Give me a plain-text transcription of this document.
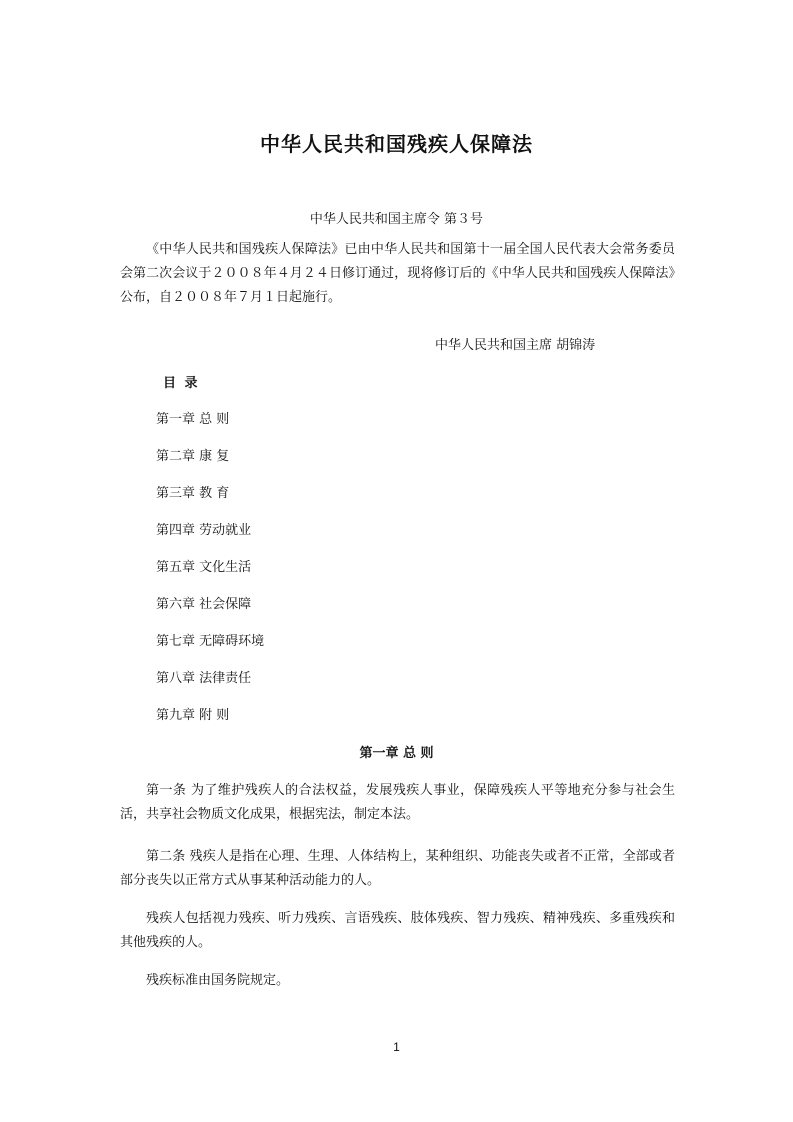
中华人民共和国残疾人保障法

中华人民共和国主席令 第３号

《中华人民共和国残疾人保障法》已由中华人民共和国第十一届全国人民代表大会常务委员会第二次会议于２００８年４月２４日修订通过，现将修订后的《中华人民共和国残疾人保障法》公布，自２００８年７月１日起施行。

中华人民共和国主席 胡锦涛

目 录

第一章 总 则
第二章 康 复
第三章 教 育
第四章 劳动就业
第五章 文化生活
第六章 社会保障
第七章 无障碍环境
第八章 法律责任
第九章 附 则

第一章 总 则

第一条 为了维护残疾人的合法权益，发展残疾人事业，保障残疾人平等地充分参与社会生活，共享社会物质文化成果，根据宪法，制定本法。

第二条 残疾人是指在心理、生理、人体结构上，某种组织、功能丧失或者不正常，全部或者部分丧失以正常方式从事某种活动能力的人。

残疾人包括视力残疾、听力残疾、言语残疾、肢体残疾、智力残疾、精神残疾、多重残疾和其他残疾的人。

残疾标准由国务院规定。

1
